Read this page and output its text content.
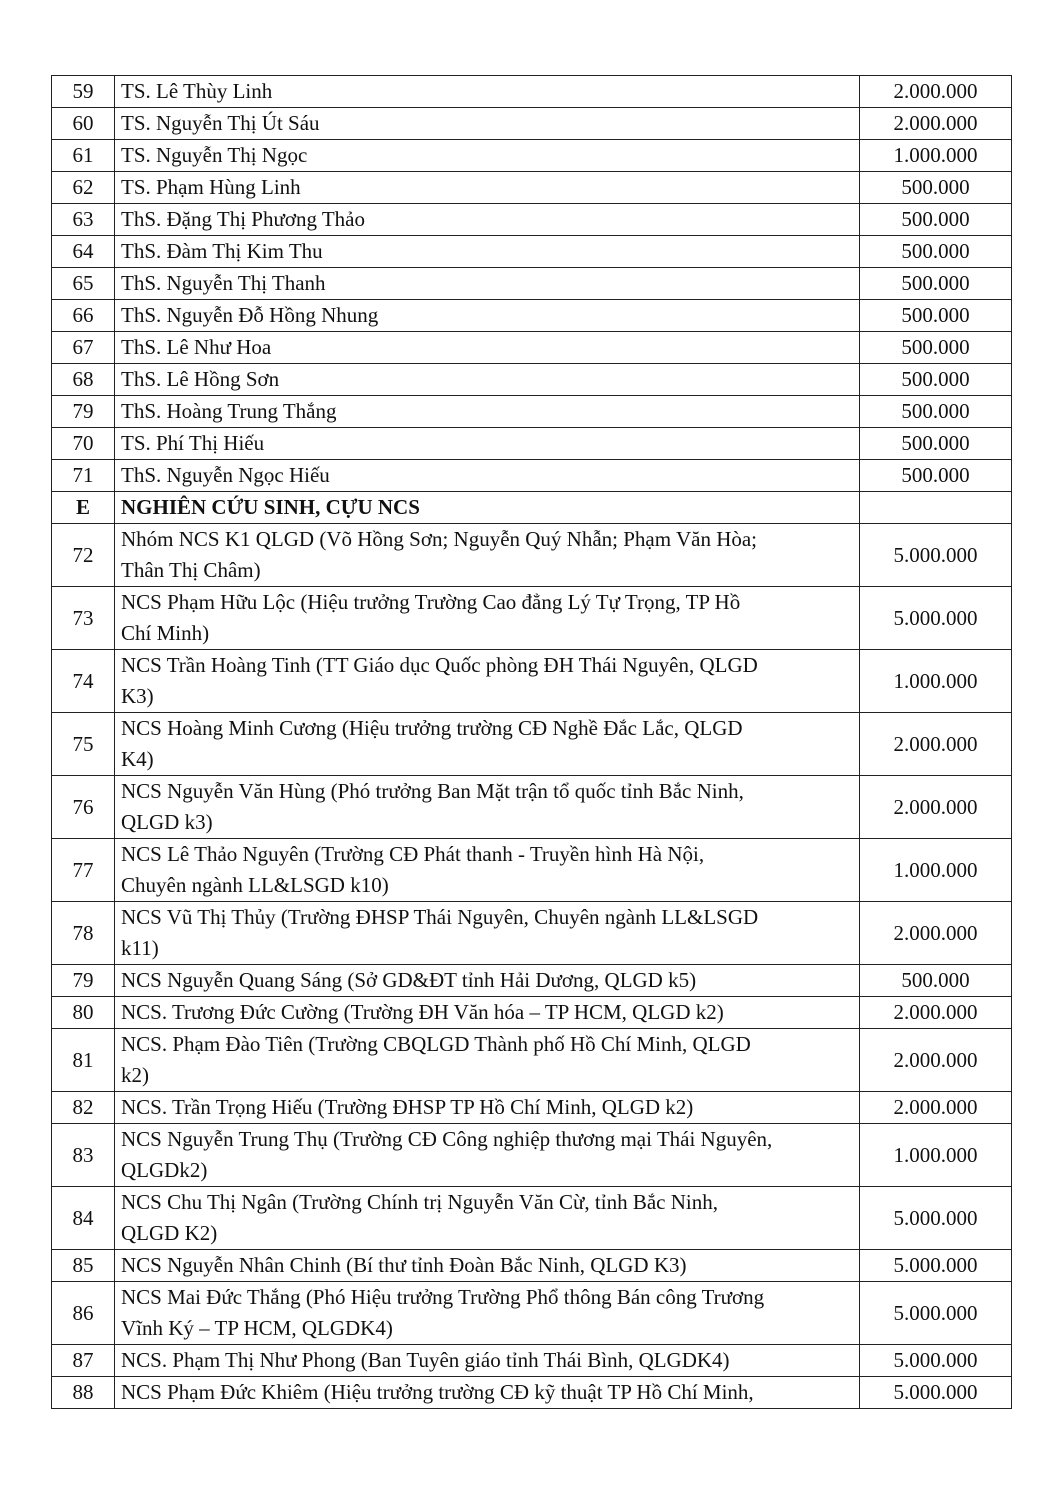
59	TS. Lê Thùy Linh	2.000.000
60	TS. Nguyễn Thị Út Sáu	2.000.000
61	TS. Nguyễn Thị Ngọc	1.000.000
62	TS. Phạm Hùng Linh	500.000
63	ThS. Đặng Thị Phương Thảo	500.000
64	ThS. Đàm Thị Kim Thu	500.000
65	ThS. Nguyễn Thị Thanh	500.000
66	ThS. Nguyễn Đỗ Hồng Nhung	500.000
67	ThS. Lê Như Hoa	500.000
68	ThS. Lê Hồng Sơn	500.000
79	ThS. Hoàng Trung Thắng	500.000
70	TS. Phí Thị Hiếu	500.000
71	ThS. Nguyễn Ngọc Hiếu	500.000
E	NGHIÊN CỨU SINH, CỰU NCS	
72	Nhóm NCS K1 QLGD (Võ Hồng Sơn; Nguyễn Quý Nhẫn; Phạm Văn Hòa;
Thân Thị Châm)	5.000.000
73	NCS Phạm Hữu Lộc (Hiệu trưởng Trường Cao đẳng Lý Tự Trọng, TP Hồ
Chí Minh)	5.000.000
74	NCS Trần Hoàng Tinh (TT Giáo dục Quốc phòng ĐH Thái Nguyên, QLGD
K3)	1.000.000
75	NCS Hoàng Minh Cương (Hiệu trưởng trường CĐ Nghề Đắc Lắc, QLGD
K4)	2.000.000
76	NCS Nguyễn Văn Hùng (Phó trưởng Ban Mặt trận tổ quốc tỉnh Bắc Ninh,
QLGD k3)	2.000.000
77	NCS Lê Thảo Nguyên (Trường CĐ Phát thanh - Truyền hình Hà Nội,
Chuyên ngành LL&LSGD k10)	1.000.000
78	NCS Vũ Thị Thủy (Trường ĐHSP Thái Nguyên, Chuyên ngành LL&LSGD
k11)	2.000.000
79	NCS Nguyễn Quang Sáng (Sở GD&ĐT tỉnh Hải Dương, QLGD k5)	500.000
80	NCS. Trương Đức Cường (Trường ĐH Văn hóa – TP HCM, QLGD k2)	2.000.000
81	NCS. Phạm Đào Tiên (Trường CBQLGD Thành phố Hồ Chí Minh, QLGD
k2)	2.000.000
82	NCS. Trần Trọng Hiếu (Trường ĐHSP TP Hồ Chí Minh, QLGD k2)	2.000.000
83	NCS Nguyễn Trung Thụ (Trường CĐ Công nghiệp thương mại Thái Nguyên,
QLGDk2)	1.000.000
84	NCS Chu Thị Ngân (Trường Chính trị Nguyễn Văn Cừ, tỉnh Bắc Ninh,
QLGD K2)	5.000.000
85	NCS Nguyễn Nhân Chinh (Bí thư tỉnh Đoàn Bắc Ninh, QLGD K3)	5.000.000
86	NCS Mai Đức Thắng (Phó Hiệu trưởng Trường Phổ thông Bán công Trương
Vĩnh Ký – TP HCM, QLGDK4)	5.000.000
87	NCS. Phạm Thị Như Phong (Ban Tuyên giáo tỉnh Thái Bình, QLGDK4)	5.000.000
88	NCS Phạm Đức Khiêm (Hiệu trưởng trường CĐ kỹ thuật TP Hồ Chí Minh,	5.000.000
